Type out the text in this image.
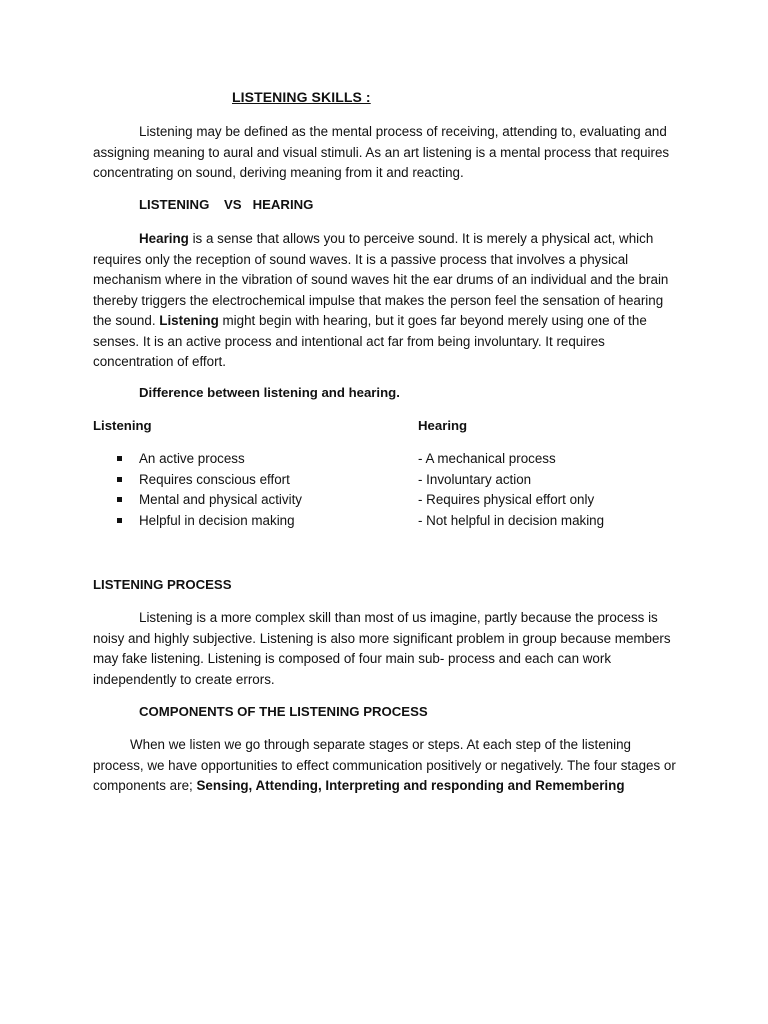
LISTENING SKILLS :

Listening may be defined as the mental process of receiving, attending to, evaluating and assigning meaning to aural and visual stimuli. As an art listening is a mental process that requires concentrating on sound, deriving meaning from it and reacting.

LISTENING    VS   HEARING

Hearing is a sense that allows you to perceive sound. It is merely a physical act, which requires only the reception of sound waves. It is a passive process that involves a physical mechanism where in the vibration of sound waves hit the ear drums of an individual and the brain thereby triggers the electrochemical impulse that makes the person feel the sensation of hearing the sound. Listening might begin with hearing, but it goes far beyond merely using one of the senses. It is an active process and intentional act far from being involuntary. It requires concentration of effort.

Difference between listening and hearing.
Listening	Hearing
An active process
Requires conscious effort
Mental and physical activity
Helpful in decision making
- A mechanical process
- Involuntary action
- Requires physical effort only
- Not helpful in decision making
LISTENING PROCESS

Listening is a more complex skill than most of us imagine, partly because the process is noisy and highly subjective. Listening is also more significant problem in group because members may fake listening. Listening is composed of four main sub- process and each can work independently to create errors.

COMPONENTS OF THE LISTENING PROCESS

When we listen we go through separate stages or steps. At each step of the listening process, we have opportunities to effect communication positively or negatively. The four stages or components are; Sensing, Attending, Interpreting and responding and Remembering
